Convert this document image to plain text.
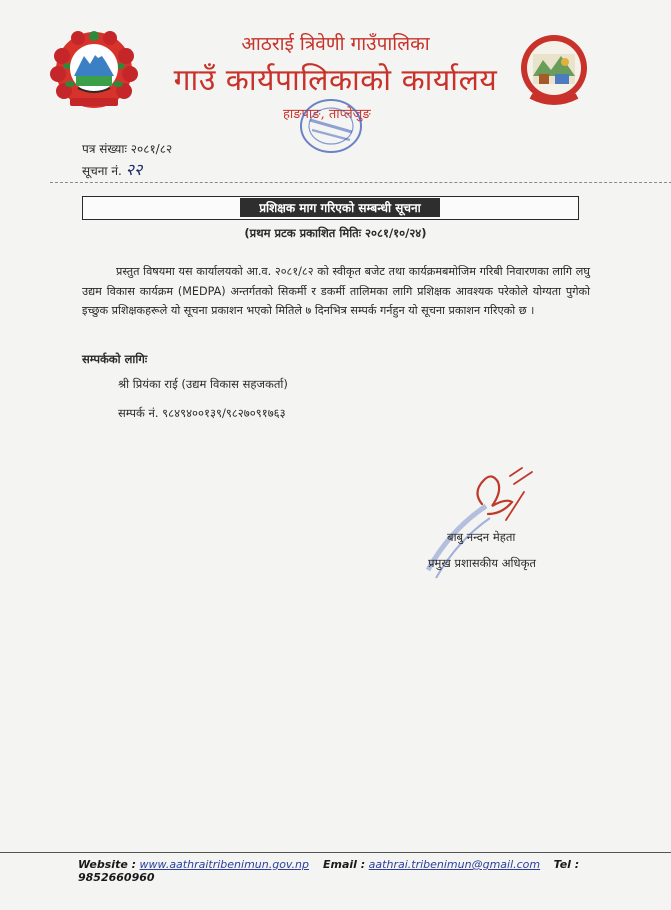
आठराई त्रिवेणी गाउँपालिका
गाउँ कार्यपालिकाको कार्यालय
हाङपाङ, ताप्लेजुङ
पत्र संख्याः २०८१/८२
सूचना नं. २२
प्रशिक्षक माग गरिएको सम्बन्धी सूचना
(प्रथम प्रटक प्रकाशित मितिः २०८१/१०/२४)
प्रस्तुत विषयमा यस कार्यालयको आ.व. २०८१/८२ को स्वीकृत बजेट तथा कार्यक्रमबमोजिम गरिबी निवारणका लागि लघु उद्यम विकास कार्यक्रम (MEDPA) अन्तर्गतको सिकर्मी र डकर्मी तालिमका लागि प्रशिक्षक आवश्यक परेकोले योग्यता पुगेको इच्छुक प्रशिक्षकहरूले यो सूचना प्रकाशन भएको मितिले ७ दिनभित्र सम्पर्क गर्नहुन यो सूचना प्रकाशन गरिएको छ ।
सम्पर्कको लागिः
श्री प्रियंका राई (उद्यम विकास सहजकर्ता)
सम्पर्क नं. ९८४९४००१३९/९८२७०९१७६३
बाबु नन्दन मेहता
प्रमुख प्रशासकीय अधिकृत
Website : www.aathraitribenimun.gov.np Email : aathrai.tribenimun@gmail.com Tel : 9852660960
